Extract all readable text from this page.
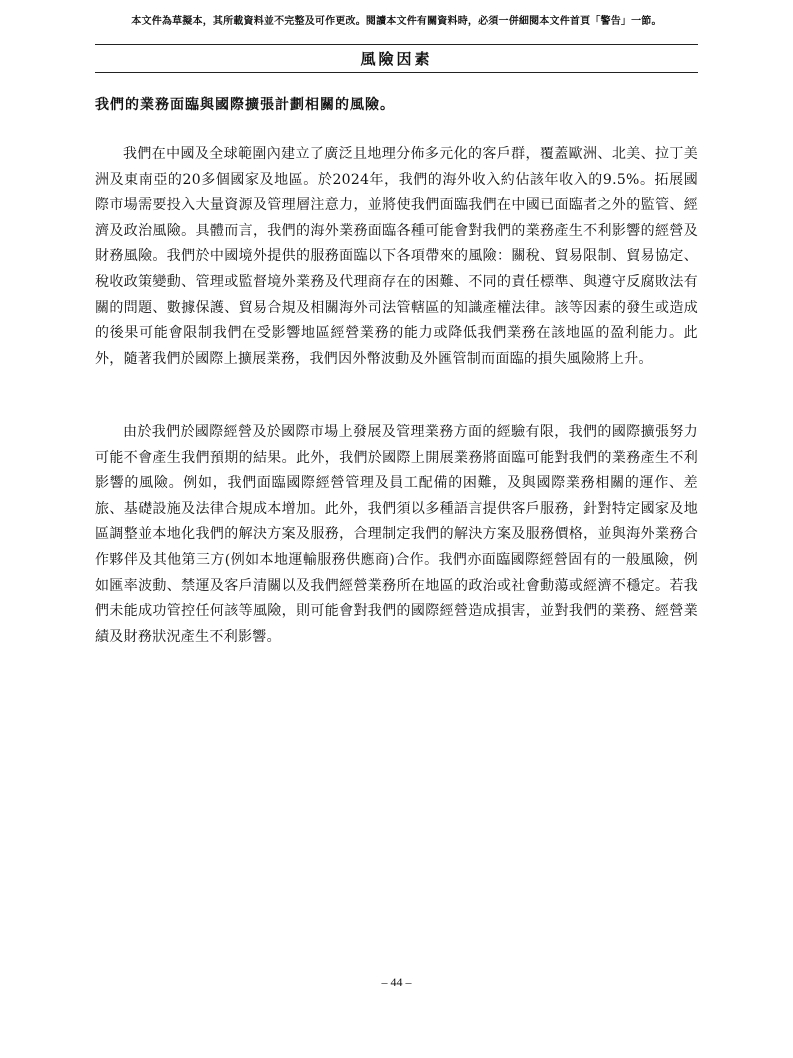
本文件為草擬本，其所載資料並不完整及可作更改。閱讀本文件有關資料時，必須一併細閱本文件首頁「警告」一節。
風險因素
我們的業務面臨與國際擴張計劃相關的風險。

我們在中國及全球範圍內建立了廣泛且地理分佈多元化的客戶群，覆蓋歐洲、北美、拉丁美洲及東南亞的20多個國家及地區。於2024年，我們的海外收入約佔該年收入的9.5%。拓展國際市場需要投入大量資源及管理層注意力，並將使我們面臨我們在中國已面臨者之外的監管、經濟及政治風險。具體而言，我們的海外業務面臨各種可能會對我們的業務產生不利影響的經營及財務風險。我們於中國境外提供的服務面臨以下各項帶來的風險：關稅、貿易限制、貿易協定、稅收政策變動、管理或監督境外業務及代理商存在的困難、不同的責任標準、與遵守反腐敗法有關的問題、數據保護、貿易合規及相關海外司法管轄區的知識產權法律。該等因素的發生或造成的後果可能會限制我們在受影響地區經營業務的能力或降低我們業務在該地區的盈利能力。此外，隨著我們於國際上擴展業務，我們因外幣波動及外匯管制而面臨的損失風險將上升。

由於我們於國際經營及於國際市場上發展及管理業務方面的經驗有限，我們的國際擴張努力可能不會產生我們預期的結果。此外，我們於國際上開展業務將面臨可能對我們的業務產生不利影響的風險。例如，我們面臨國際經營管理及員工配備的困難，及與國際業務相關的運作、差旅、基礎設施及法律合規成本增加。此外，我們須以多種語言提供客戶服務，針對特定國家及地區調整並本地化我們的解決方案及服務，合理制定我們的解決方案及服務價格，並與海外業務合作夥伴及其他第三方(例如本地運輸服務供應商)合作。我們亦面臨國際經營固有的一般風險，例如匯率波動、禁運及客戶清關以及我們經營業務所在地區的政治或社會動蕩或經濟不穩定。若我們未能成功管控任何該等風險，則可能會對我們的國際經營造成損害，並對我們的業務、經營業績及財務狀況產生不利影響。

– 44 –
